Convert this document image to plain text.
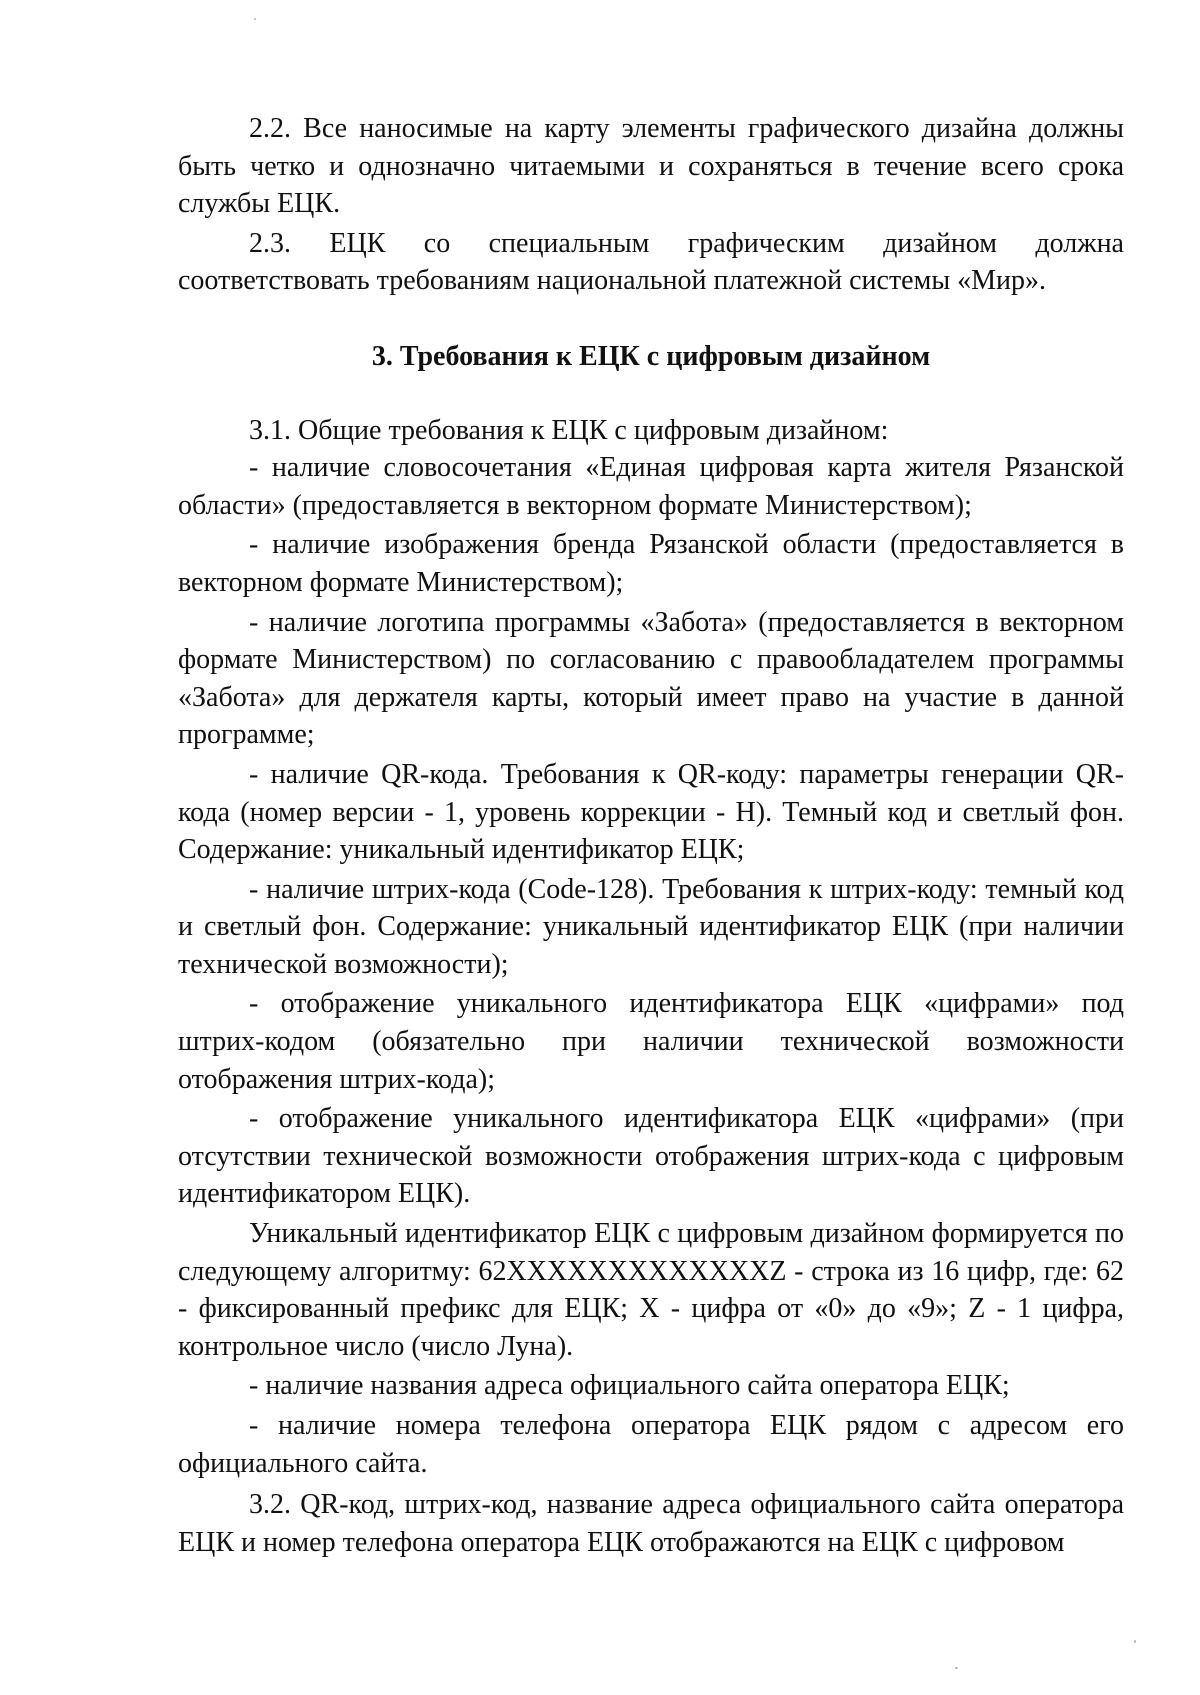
2.2. Все наносимые на карту элементы графического дизайна должны быть четко и однозначно читаемыми и сохраняться в течение всего срока службы ЕЦК.

2.3. ЕЦК со специальным графическим дизайном должна соответствовать требованиям национальной платежной системы «Мир».

3. Требования к ЕЦК с цифровым дизайном

3.1. Общие требования к ЕЦК с цифровым дизайном:

- наличие словосочетания «Единая цифровая карта жителя Рязанской области» (предоставляется в векторном формате Министерством);

- наличие изображения бренда Рязанской области (предоставляется в векторном формате Министерством);

- наличие логотипа программы «Забота» (предоставляется в векторном формате Министерством) по согласованию с правообладателем программы «Забота» для держателя карты, который имеет право на участие в данной программе;

- наличие QR-кода. Требования к QR-коду: параметры генерации QR-кода (номер версии - 1, уровень коррекции - H). Темный код и светлый фон. Содержание: уникальный идентификатор ЕЦК;

- наличие штрих-кода (Code-128). Требования к штрих-коду: темный код и светлый фон. Содержание: уникальный идентификатор ЕЦК (при наличии технической возможности);

- отображение уникального идентификатора ЕЦК «цифрами» под штрих-кодом (обязательно при наличии технической возможности отображения штрих-кода);

- отображение уникального идентификатора ЕЦК «цифрами» (при отсутствии технической возможности отображения штрих-кода с цифровым идентификатором ЕЦК).

Уникальный идентификатор ЕЦК с цифровым дизайном формируется по следующему алгоритму: 62XXXXXXXXXXXXXZ - строка из 16 цифр, где: 62 - фиксированный префикс для ЕЦК; X - цифра от «0» до «9»; Z - 1 цифра, контрольное число (число Луна).

- наличие названия адреса официального сайта оператора ЕЦК;

- наличие номера телефона оператора ЕЦК рядом с адресом его официального сайта.

3.2. QR-код, штрих-код, название адреса официального сайта оператора ЕЦК и номер телефона оператора ЕЦК отображаются на ЕЦК с цифровом
